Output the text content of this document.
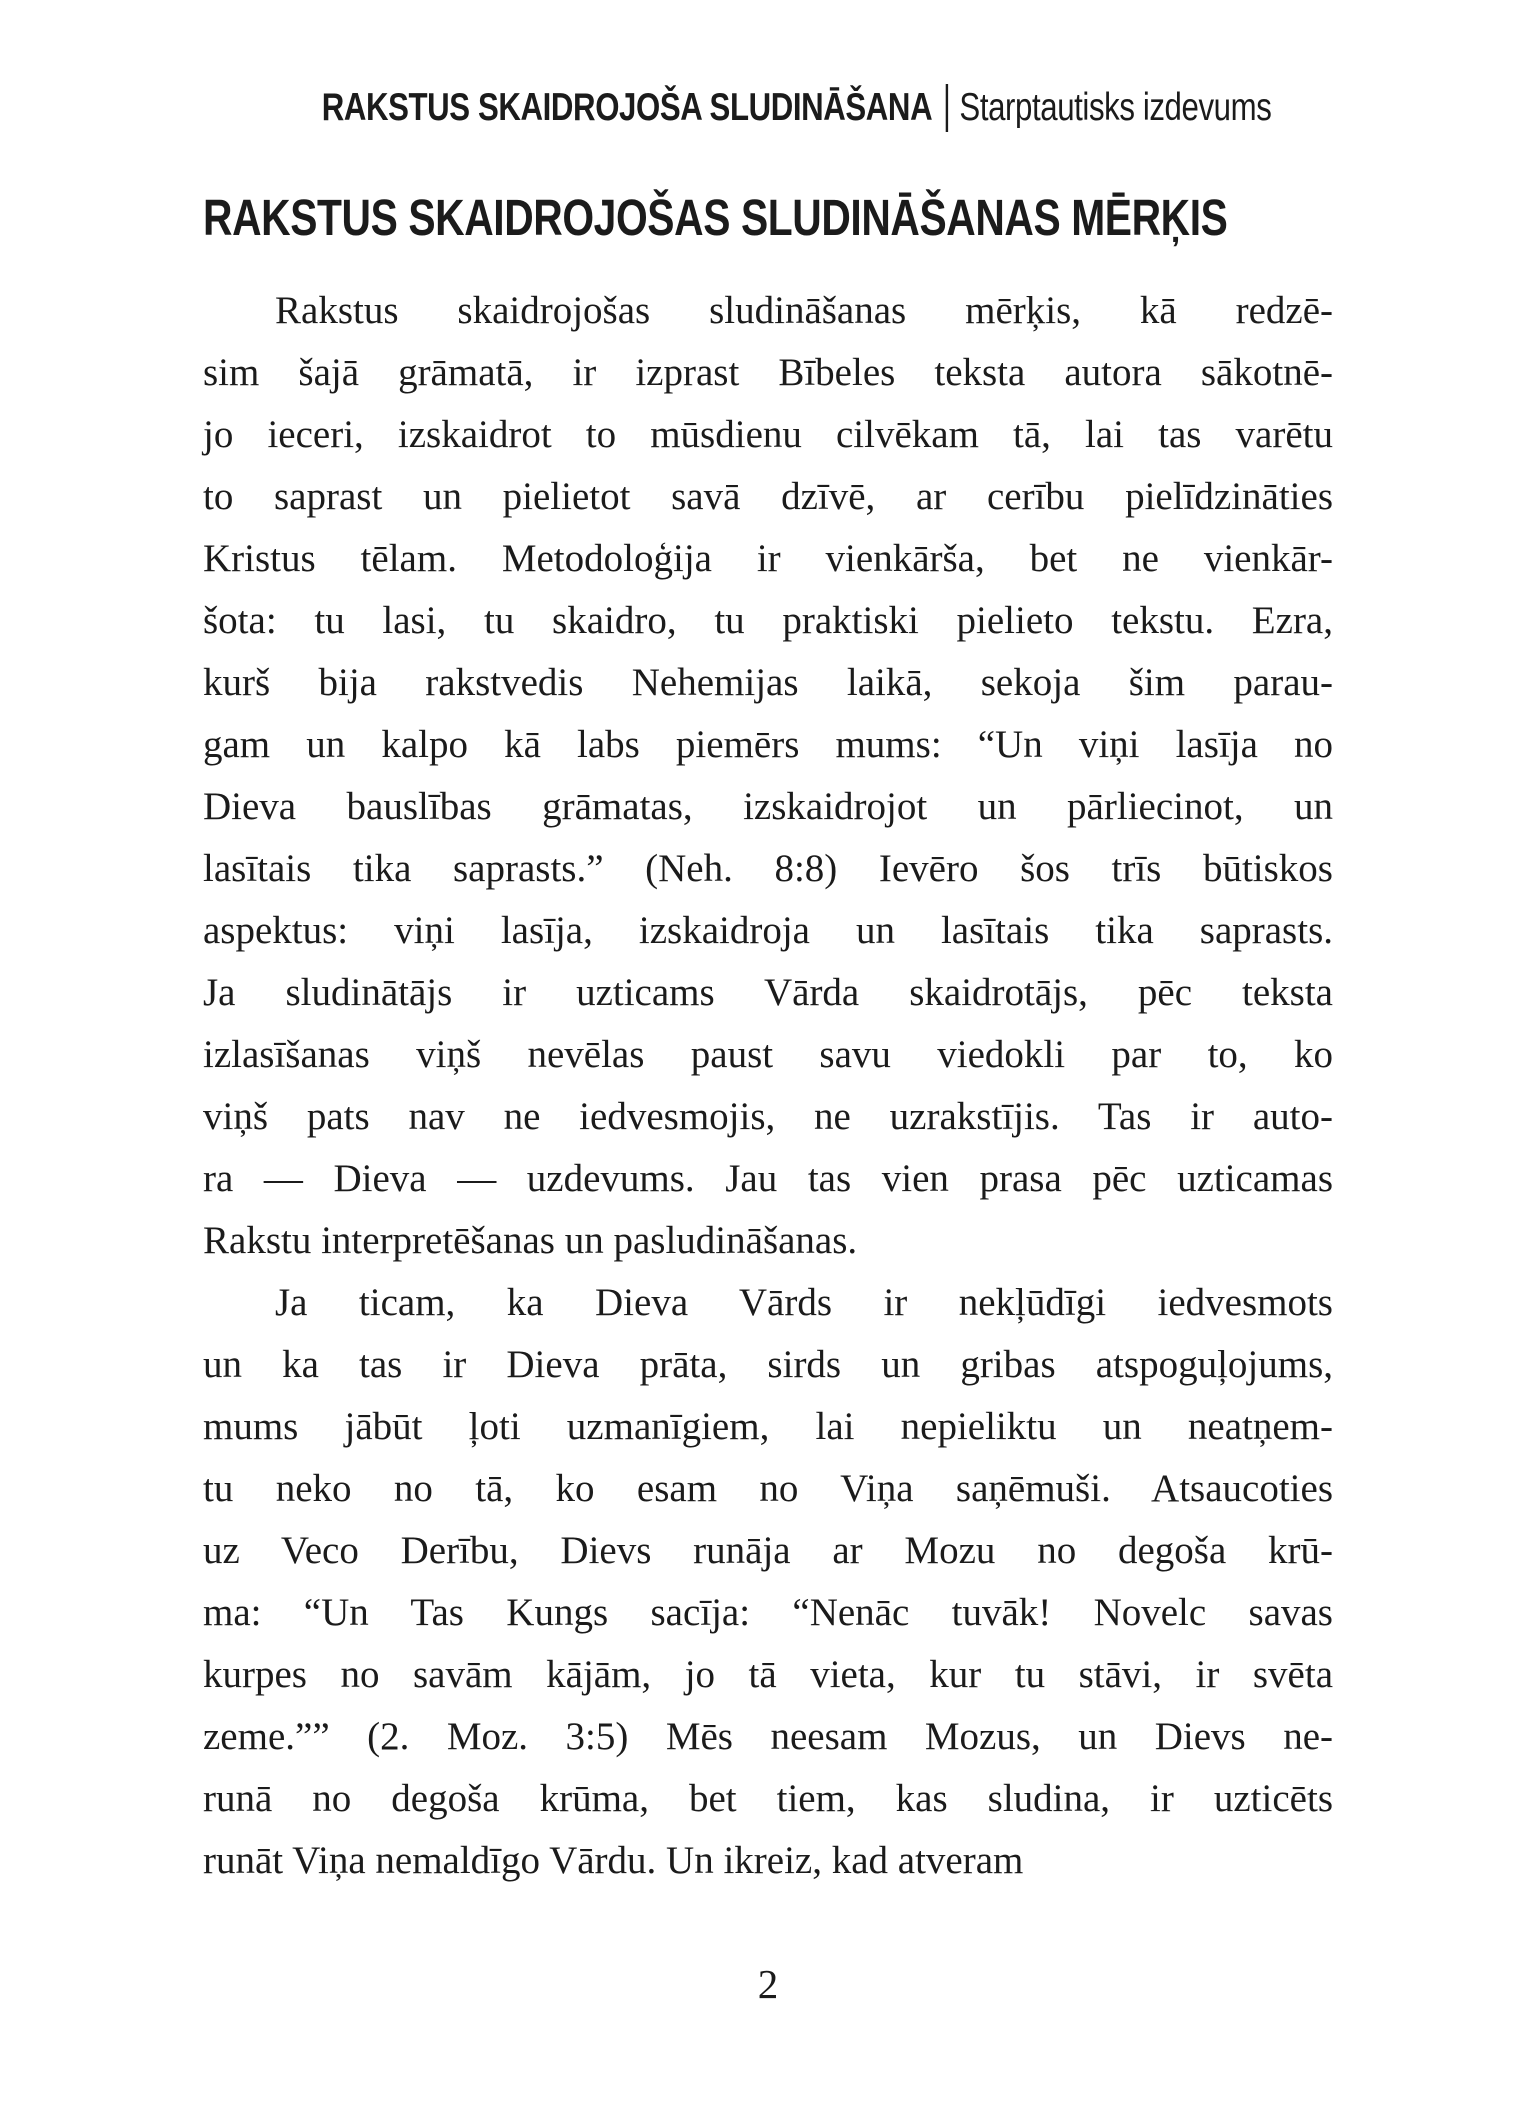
RAKSTUS SKAIDROJOŠA SLUDINĀŠANA Starptautisks izdevums
RAKSTUS SKAIDROJOŠAS SLUDINĀŠANAS MĒRĶIS
Rakstus skaidrojošas sludināšanas mērķis, kā redzē-
sim šajā grāmatā, ir izprast Bībeles teksta autora sākotnē-
jo ieceri, izskaidrot to mūsdienu cilvēkam tā, lai tas varētu
to saprast un pielietot savā dzīvē, ar cerību pielīdzināties
Kristus tēlam. Metodoloģija ir vienkārša, bet ne vienkār-
šota: tu lasi, tu skaidro, tu praktiski pielieto tekstu. Ezra,
kurš bija rakstvedis Nehemijas laikā, sekoja šim parau-
gam un kalpo kā labs piemērs mums: “Un viņi lasīja no
Dieva bauslības grāmatas, izskaidrojot un pārliecinot, un
lasītais tika saprasts.” (Neh. 8:8) Ievēro šos trīs būtiskos
aspektus: viņi lasīja, izskaidroja un lasītais tika saprasts.
Ja sludinātājs ir uzticams Vārda skaidrotājs, pēc teksta
izlasīšanas viņš nevēlas paust savu viedokli par to, ko
viņš pats nav ne iedvesmojis, ne uzrakstījis. Tas ir auto-
ra — Dieva — uzdevums. Jau tas vien prasa pēc uzticamas
Rakstu interpretēšanas un pasludināšanas.
Ja ticam, ka Dieva Vārds ir nekļūdīgi iedvesmots
un ka tas ir Dieva prāta, sirds un gribas atspoguļojums,
mums jābūt ļoti uzmanīgiem, lai nepieliktu un neatņem-
tu neko no tā, ko esam no Viņa saņēmuši. Atsaucoties
uz Veco Derību, Dievs runāja ar Mozu no degoša krū-
ma: “Un Tas Kungs sacīja: “Nenāc tuvāk! Novelc savas
kurpes no savām kājām, jo tā vieta, kur tu stāvi, ir svēta
zeme.”” (2. Moz. 3:5) Mēs neesam Mozus, un Dievs ne-
runā no degoša krūma, bet tiem, kas sludina, ir uzticēts
runāt Viņa nemaldīgo Vārdu. Un ikreiz, kad atveram
2
